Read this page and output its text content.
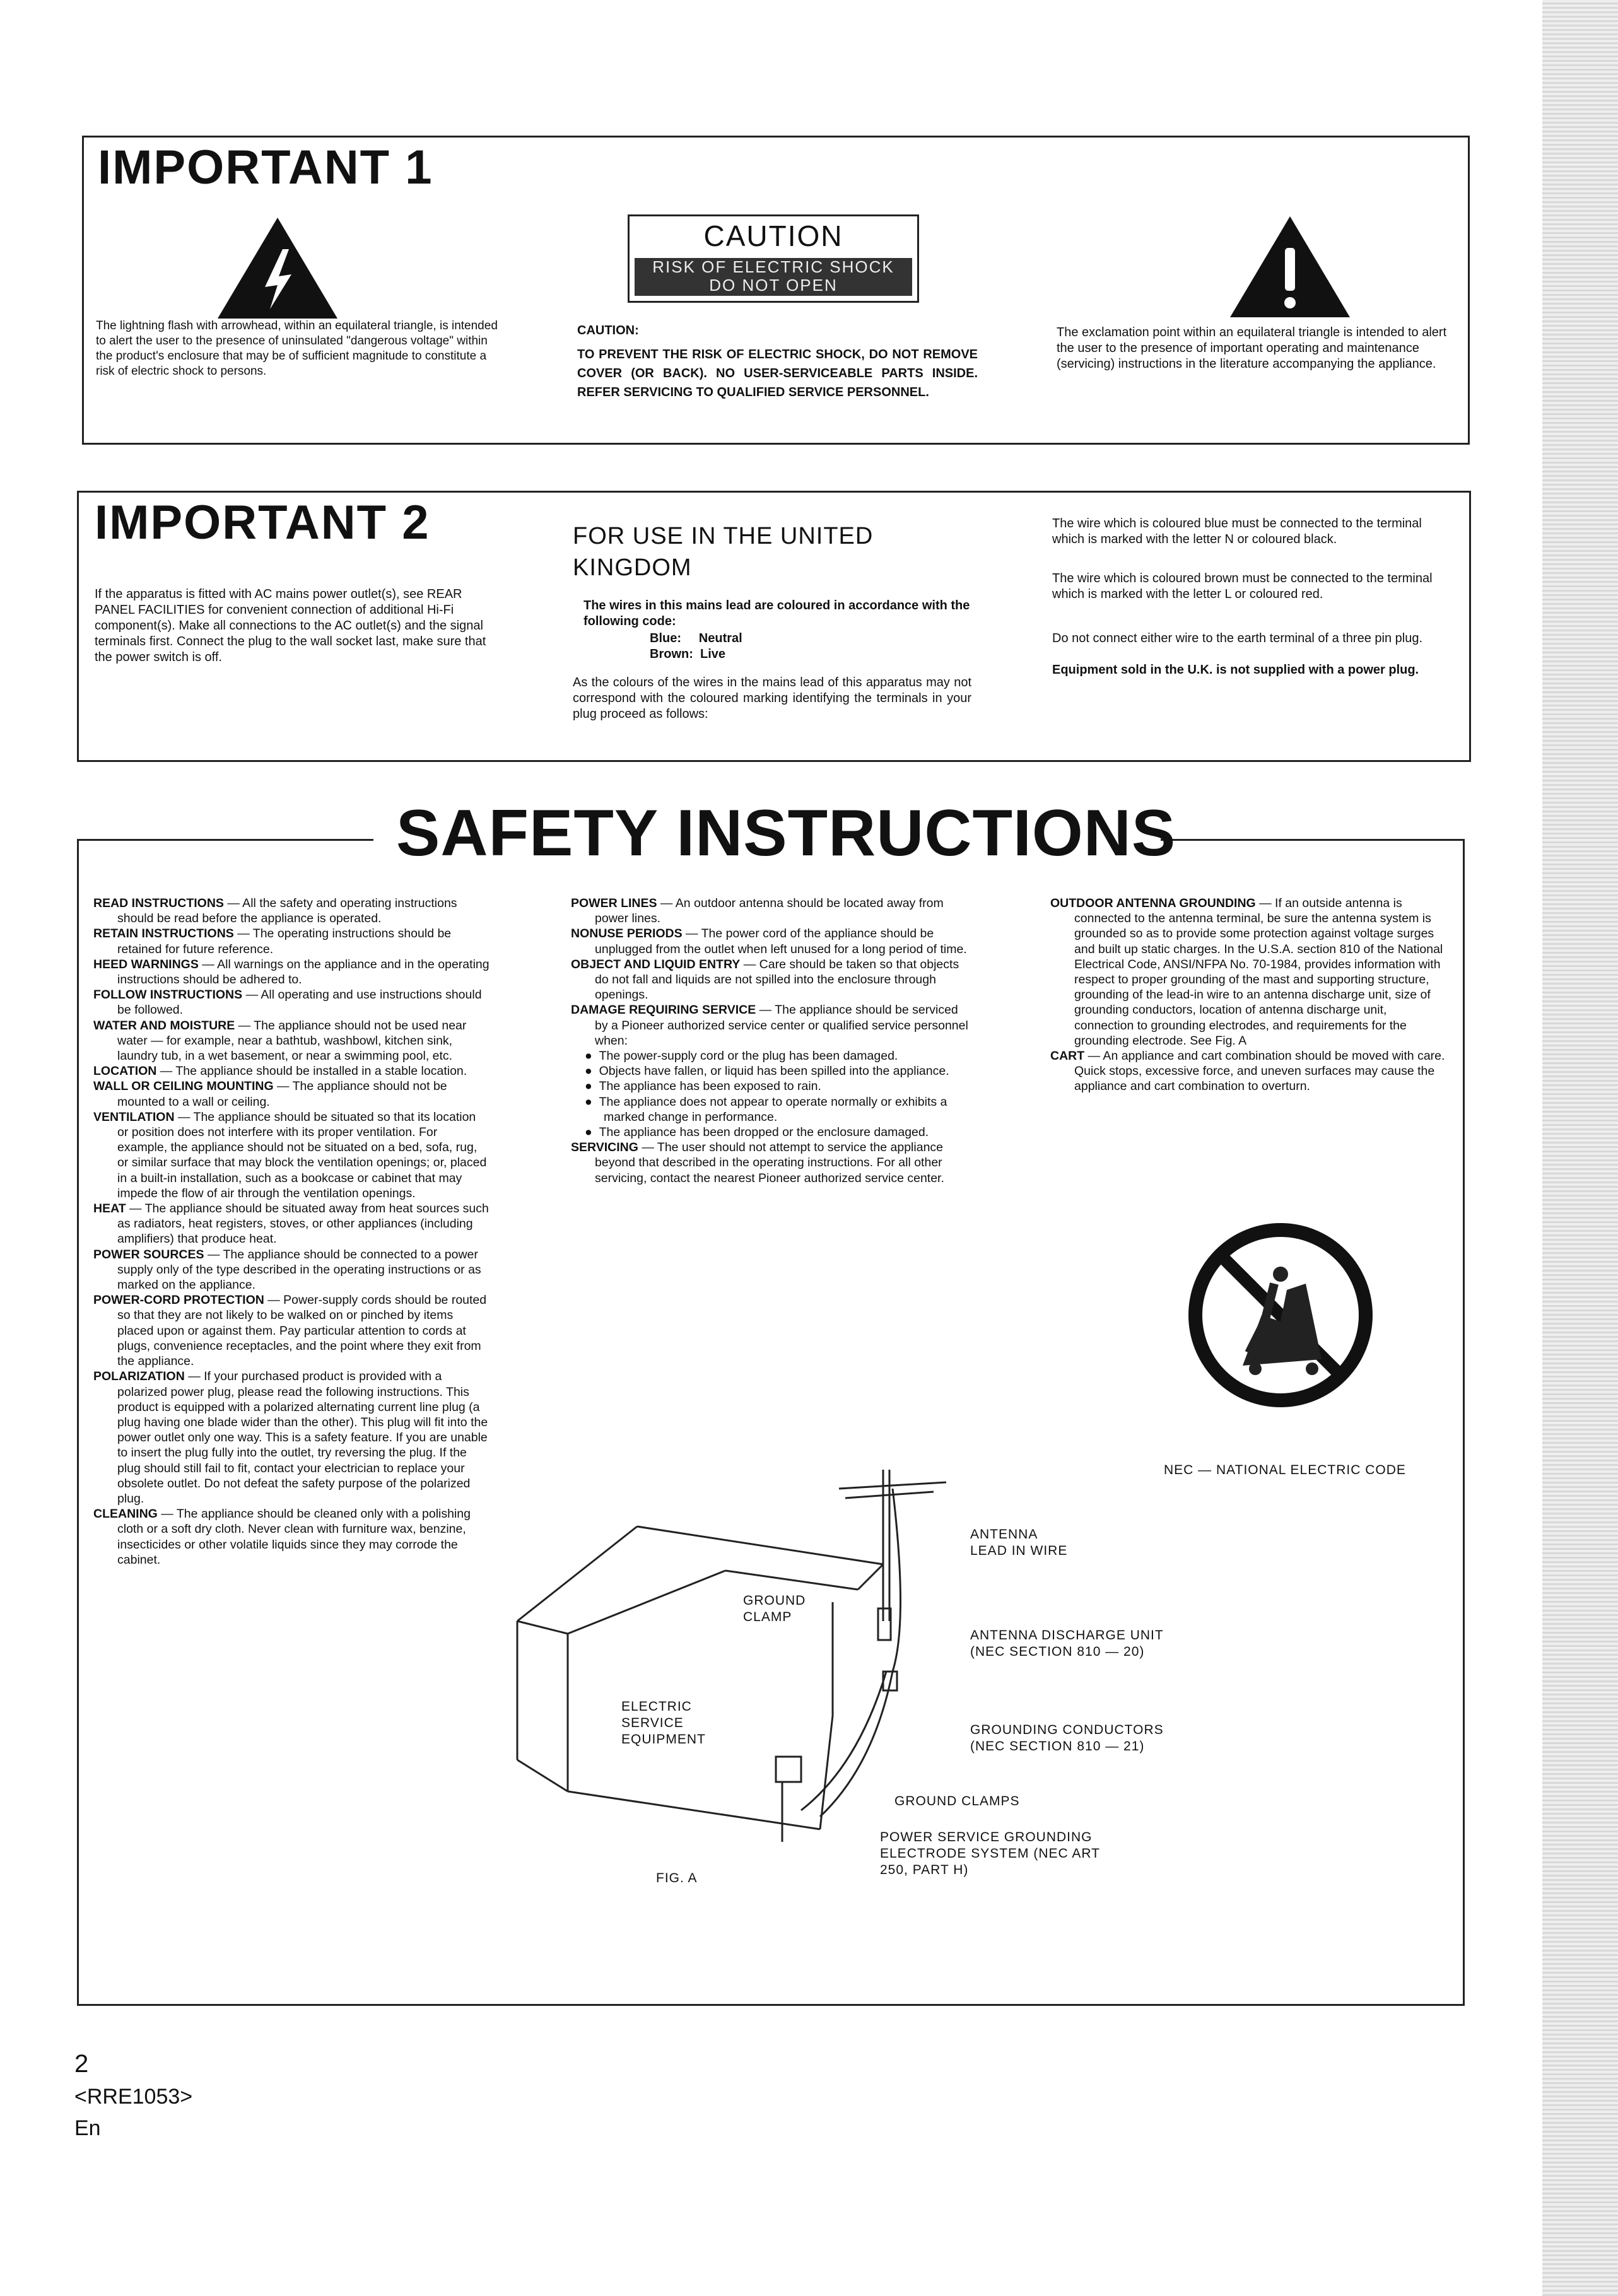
IMPORTANT 1
The lightning flash with arrowhead, within an equilateral triangle, is intended to alert the user to the presence of uninsulated "dangerous voltage" within the product's enclosure that may be of sufficient magnitude to constitute a risk of electric shock to persons.
CAUTION
RISK OF ELECTRIC SHOCK
DO NOT OPEN
CAUTION:
TO PREVENT THE RISK OF ELECTRIC SHOCK, DO NOT REMOVE COVER (OR BACK). NO USER-SERVICEABLE PARTS INSIDE. REFER SERVICING TO QUALIFIED SERVICE PERSONNEL.
The exclamation point within an equilateral triangle is intended to alert the user to the presence of important operating and maintenance (servicing) instructions in the literature accompanying the appliance.
IMPORTANT 2
If the apparatus is fitted with AC mains power outlet(s), see REAR PANEL FACILITIES for convenient connection of additional Hi-Fi component(s). Make all connections to the AC outlet(s) and the signal terminals first. Connect the plug to the wall socket last, make sure that the power switch is off.
FOR USE IN THE UNITED KINGDOM
The wires in this mains lead are coloured in accordance with the following code:
Blue:     Neutral
Brown:  Live
As the colours of the wires in the mains lead of this apparatus may not correspond with the coloured marking identifying the terminals in your plug proceed as follows:
The wire which is coloured blue must be connected to the terminal which is marked with the letter N or coloured black.
The wire which is coloured brown must be connected to the terminal which is marked with the letter L or coloured red.
Do not connect either wire to the earth terminal of a three pin plug.
Equipment sold in the U.K. is not supplied with a power plug.
SAFETY INSTRUCTIONS

READ INSTRUCTIONS — All the safety and operating instructions should be read before the appliance is operated.

RETAIN INSTRUCTIONS — The operating instructions should be retained for future reference.

HEED WARNINGS — All warnings on the appliance and in the operating instructions should be adhered to.

FOLLOW INSTRUCTIONS — All operating and use instructions should be followed.

WATER AND MOISTURE — The appliance should not be used near water — for example, near a bathtub, washbowl, kitchen sink, laundry tub, in a wet basement, or near a swimming pool, etc.

LOCATION — The appliance should be installed in a stable location.

WALL OR CEILING MOUNTING — The appliance should not be mounted to a wall or ceiling.

VENTILATION — The appliance should be situated so that its location or position does not interfere with its proper ventilation. For example, the appliance should not be situated on a bed, sofa, rug, or similar surface that may block the ventilation openings; or, placed in a built-in installation, such as a bookcase or cabinet that may impede the flow of air through the ventilation openings.

HEAT — The appliance should be situated away from heat sources such as radiators, heat registers, stoves, or other appliances (including amplifiers) that produce heat.

POWER SOURCES — The appliance should be connected to a power supply only of the type described in the operating instructions or as marked on the appliance.

POWER-CORD PROTECTION — Power-supply cords should be routed so that they are not likely to be walked on or pinched by items placed upon or against them. Pay particular attention to cords at plugs, convenience receptacles, and the point where they exit from the appliance.

POLARIZATION — If your purchased product is provided with a polarized power plug, please read the following instructions. This product is equipped with a polarized alternating current line plug (a plug having one blade wider than the other). This plug will fit into the power outlet only one way. This is a safety feature. If you are unable to insert the plug fully into the outlet, try reversing the plug. If the plug should still fail to fit, contact your electrician to replace your obsolete outlet. Do not defeat the safety purpose of the polarized plug.

CLEANING — The appliance should be cleaned only with a polishing cloth or a soft dry cloth. Never clean with furniture wax, benzine, insecticides or other volatile liquids since they may corrode the cabinet.

POWER LINES — An outdoor antenna should be located away from power lines.

NONUSE PERIODS — The power cord of the appliance should be unplugged from the outlet when left unused for a long period of time.

OBJECT AND LIQUID ENTRY — Care should be taken so that objects do not fall and liquids are not spilled into the enclosure through openings.

DAMAGE REQUIRING SERVICE — The appliance should be serviced by a Pioneer authorized service center or qualified service personnel when:

●  The power-supply cord or the plug has been damaged.

●  Objects have fallen, or liquid has been spilled into the appliance.

●  The appliance has been exposed to rain.

●  The appliance does not appear to operate normally or exhibits a marked change in performance.

●  The appliance has been dropped or the enclosure damaged.

SERVICING — The user should not attempt to service the appliance beyond that described in the operating instructions. For all other servicing, contact the nearest Pioneer authorized service center.

OUTDOOR ANTENNA GROUNDING — If an outside antenna is connected to the antenna terminal, be sure the antenna system is grounded so as to provide some protection against voltage surges and built up static charges. In the U.S.A. section 810 of the National Electrical Code, ANSI/NFPA No. 70-1984, provides information with respect to proper grounding of the mast and supporting structure, grounding of the lead-in wire to an antenna discharge unit, size of grounding conductors, location of antenna discharge unit, connection to grounding electrodes, and requirements for the grounding electrode. See Fig. A

CART — An appliance and cart combination should be moved with care. Quick stops, excessive force, and uneven surfaces may cause the appliance and cart combination to overturn.

NEC — NATIONAL ELECTRIC CODE
ANTENNA LEAD IN WIRE
GROUND CLAMP
ANTENNA DISCHARGE UNIT (NEC SECTION 810 — 20)
ELECTRIC SERVICE EQUIPMENT
GROUNDING CONDUCTORS (NEC SECTION 810 — 21)
GROUND CLAMPS
POWER SERVICE GROUNDING ELECTRODE SYSTEM (NEC ART 250, PART H)
FIG. A
2
<RRE1053>
En
